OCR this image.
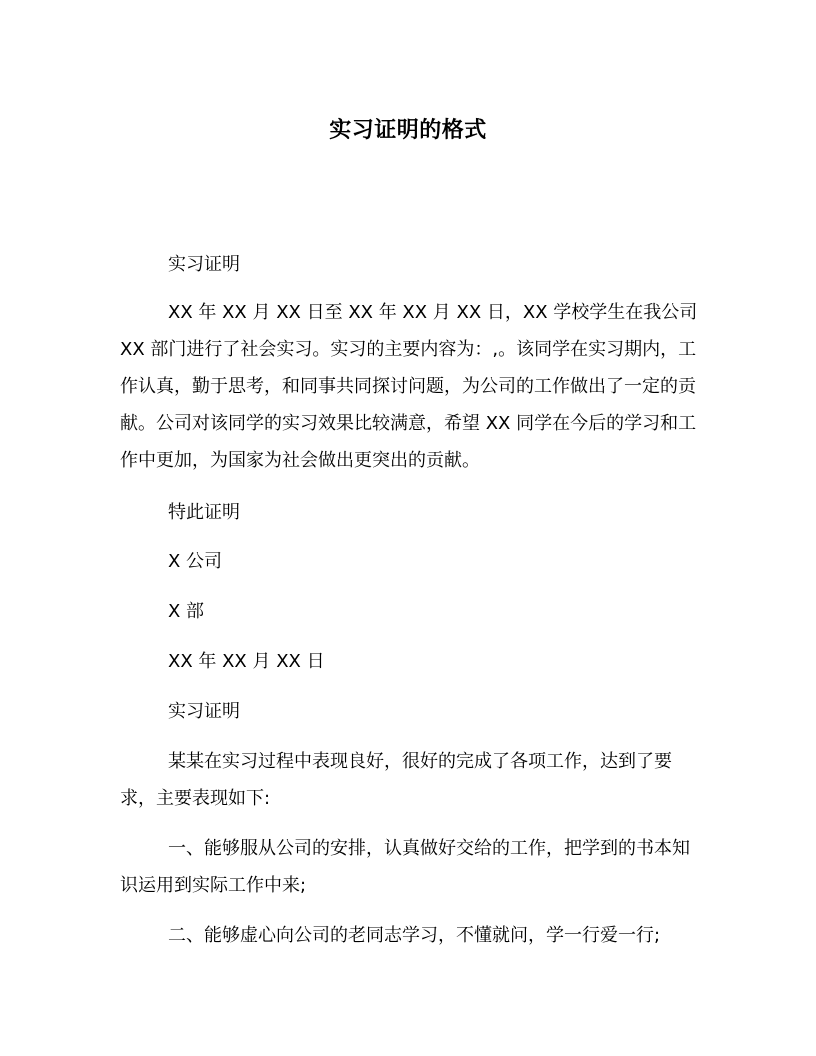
实习证明的格式
实习证明
XX 年 XX 月 XX 日至 XX 年 XX 月 XX 日，XX 学校学生在我公司 XX 部门进行了社会实习。实习的主要内容为：,。该同学在实习期内，工作认真，勤于思考，和同事共同探讨问题，为公司的工作做出了一定的贡献。公司对该同学的实习效果比较满意，希望 XX 同学在今后的学习和工作中更加，为国家为社会做出更突出的贡献。
特此证明
X 公司
X 部
XX 年 XX 月 XX 日
实习证明
某某在实习过程中表现良好，很好的完成了各项工作，达到了要求，主要表现如下:
一、能够服从公司的安排，认真做好交给的工作，把学到的书本知识运用到实际工作中来;
二、能够虚心向公司的老同志学习，不懂就问，学一行爱一行;
